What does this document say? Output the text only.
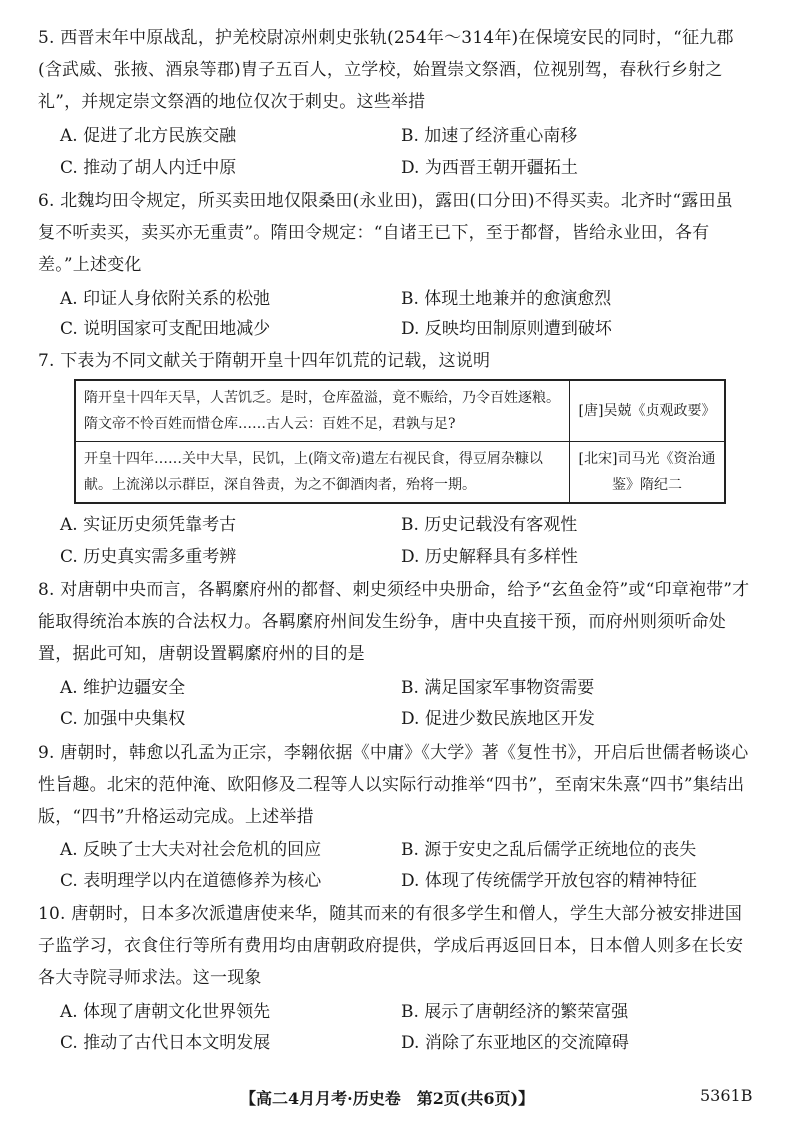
5. 西晋末年中原战乱，护羌校尉凉州刺史张轨(254年～314年)在保境安民的同时，“征九郡(含武威、张掖、酒泉等郡)胄子五百人，立学校，始置崇文祭酒，位视别驾，春秋行乡射之礼”，并规定崇文祭酒的地位仅次于刺史。这些举措
A. 促进了北方民族交融	B. 加速了经济重心南移
C. 推动了胡人内迁中原	D. 为西晋王朝开疆拓土
6. 北魏均田令规定，所买卖田地仅限桑田(永业田)，露田(口分田)不得买卖。北齐时“露田虽复不听卖买，卖买亦无重责”。隋田令规定：“自诸王已下，至于都督，皆给永业田，各有差。”上述变化
A. 印证人身依附关系的松弛	B. 体现土地兼并的愈演愈烈
C. 说明国家可支配田地减少	D. 反映均田制原则遭到破坏
7. 下表为不同文献关于隋朝开皇十四年饥荒的记载，这说明
隋开皇十四年天旱，人苦饥乏。是时，仓库盈溢，竟不赈给，乃令百姓逐粮。隋文帝不怜百姓而惜仓库……古人云：百姓不足，君孰与足?	[唐]吴兢《贞观政要》
开皇十四年……关中大旱，民饥，上(隋文帝)遣左右视民食，得豆屑杂糠以献。上流涕以示群臣，深自咎责，为之不御酒肉者，殆将一期。	[北宋]司马光《资治通鉴》隋纪二
A. 实证历史须凭靠考古	B. 历史记载没有客观性
C. 历史真实需多重考辨	D. 历史解释具有多样性
8. 对唐朝中央而言，各羁縻府州的都督、刺史须经中央册命，给予“玄鱼金符”或“印章袍带”才能取得统治本族的合法权力。各羁縻府州间发生纷争，唐中央直接干预，而府州则须听命处置，据此可知，唐朝设置羁縻府州的目的是
A. 维护边疆安全	B. 满足国家军事物资需要
C. 加强中央集权	D. 促进少数民族地区开发
9. 唐朝时，韩愈以孔孟为正宗，李翱依据《中庸》《大学》著《复性书》，开启后世儒者畅谈心性旨趣。北宋的范仲淹、欧阳修及二程等人以实际行动推举“四书”，至南宋朱熹“四书”集结出版，“四书”升格运动完成。上述举措
A. 反映了士大夫对社会危机的回应	B. 源于安史之乱后儒学正统地位的丧失
C. 表明理学以内在道德修养为核心	D. 体现了传统儒学开放包容的精神特征
10. 唐朝时，日本多次派遣唐使来华，随其而来的有很多学生和僧人，学生大部分被安排进国子监学习，衣食住行等所有费用均由唐朝政府提供，学成后再返回日本，日本僧人则多在长安各大寺院寻师求法。这一现象
A. 体现了唐朝文化世界领先	B. 展示了唐朝经济的繁荣富强
C. 推动了古代日本文明发展	D. 消除了东亚地区的交流障碍
【高二4月月考·历史卷　第2页(共6页)】	5361B
